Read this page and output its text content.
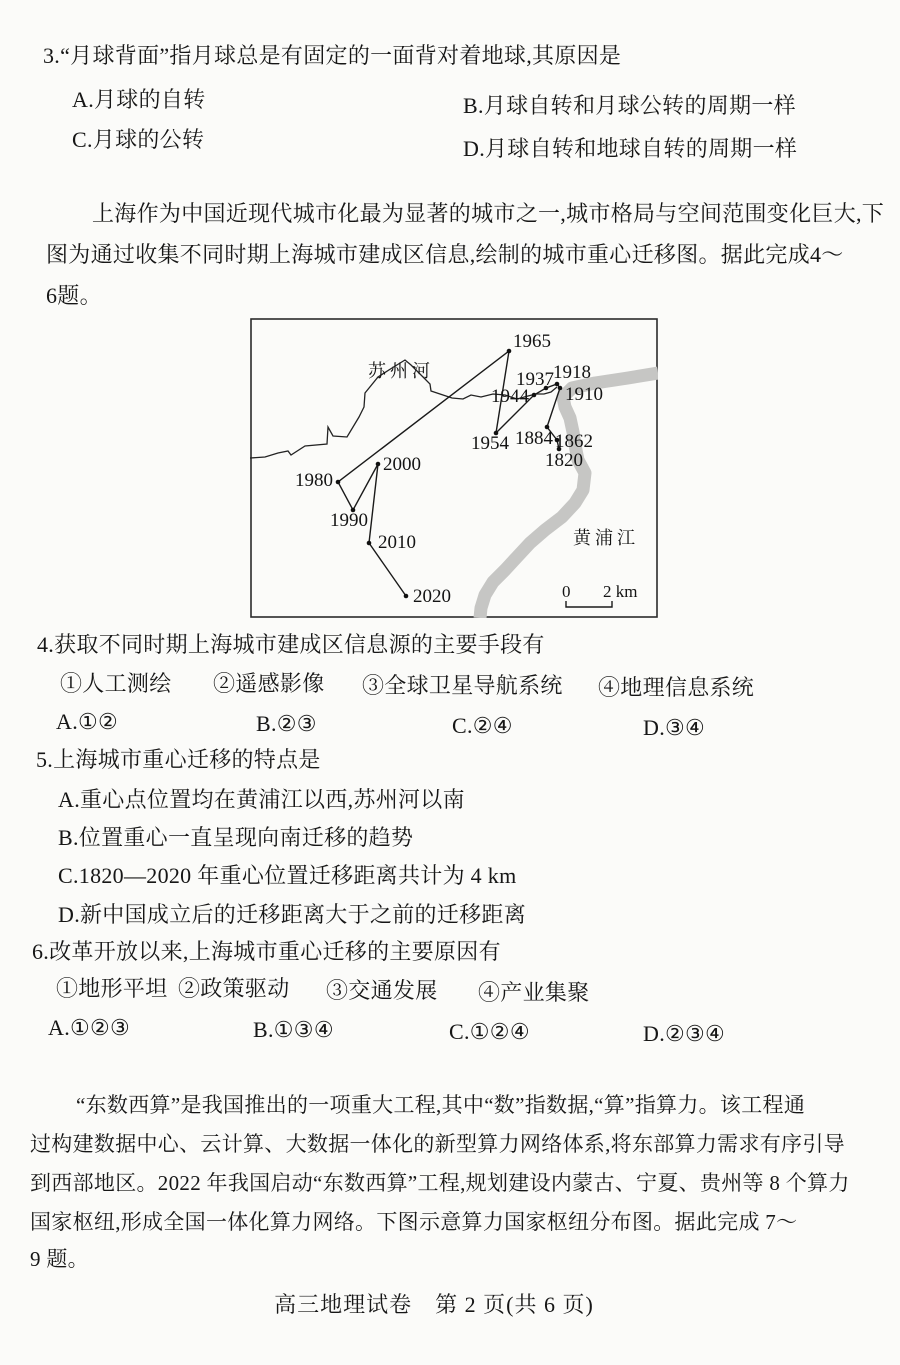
3.“月球背面”指月球总是有固定的一面背对着地球,其原因是
A.月球的自转	B.月球自转和月球公转的周期一样
C.月球的公转	D.月球自转和地球自转的周期一样
上海作为中国近现代城市化最为显著的城市之一,城市格局与空间范围变化巨大,下
图为通过收集不同时期上海城市建成区信息,绘制的城市重心迁移图。据此完成4～
6题。
1820
1862
1884
1910
1918
1937
1944
1954
1965
1980
1990
2000
2010
2020
苏州河
黄浦江
0 2 km
4.获取不同时期上海城市建成区信息源的主要手段有
①人工测绘 ②遥感影像 ③全球卫星导航系统 ④地理信息系统
A.①②	B.②③	C.②④	D.③④
5.上海城市重心迁移的特点是
A.重心点位置均在黄浦江以西,苏州河以南
B.位置重心一直呈现向南迁移的趋势
C.1820—2020 年重心位置迁移距离共计为 4 km
D.新中国成立后的迁移距离大于之前的迁移距离
6.改革开放以来,上海城市重心迁移的主要原因有
①地形平坦 ②政策驱动 ③交通发展 ④产业集聚
A.①②③	B.①③④	C.①②④	D.②③④
“东数西算”是我国推出的一项重大工程,其中“数”指数据,“算”指算力。该工程通
过构建数据中心、云计算、大数据一体化的新型算力网络体系,将东部算力需求有序引导
到西部地区。2022 年我国启动“东数西算”工程,规划建设内蒙古、宁夏、贵州等 8 个算力
国家枢纽,形成全国一体化算力网络。下图示意算力国家枢纽分布图。据此完成 7～
9 题。
高三地理试卷　第 2 页(共 6 页)
